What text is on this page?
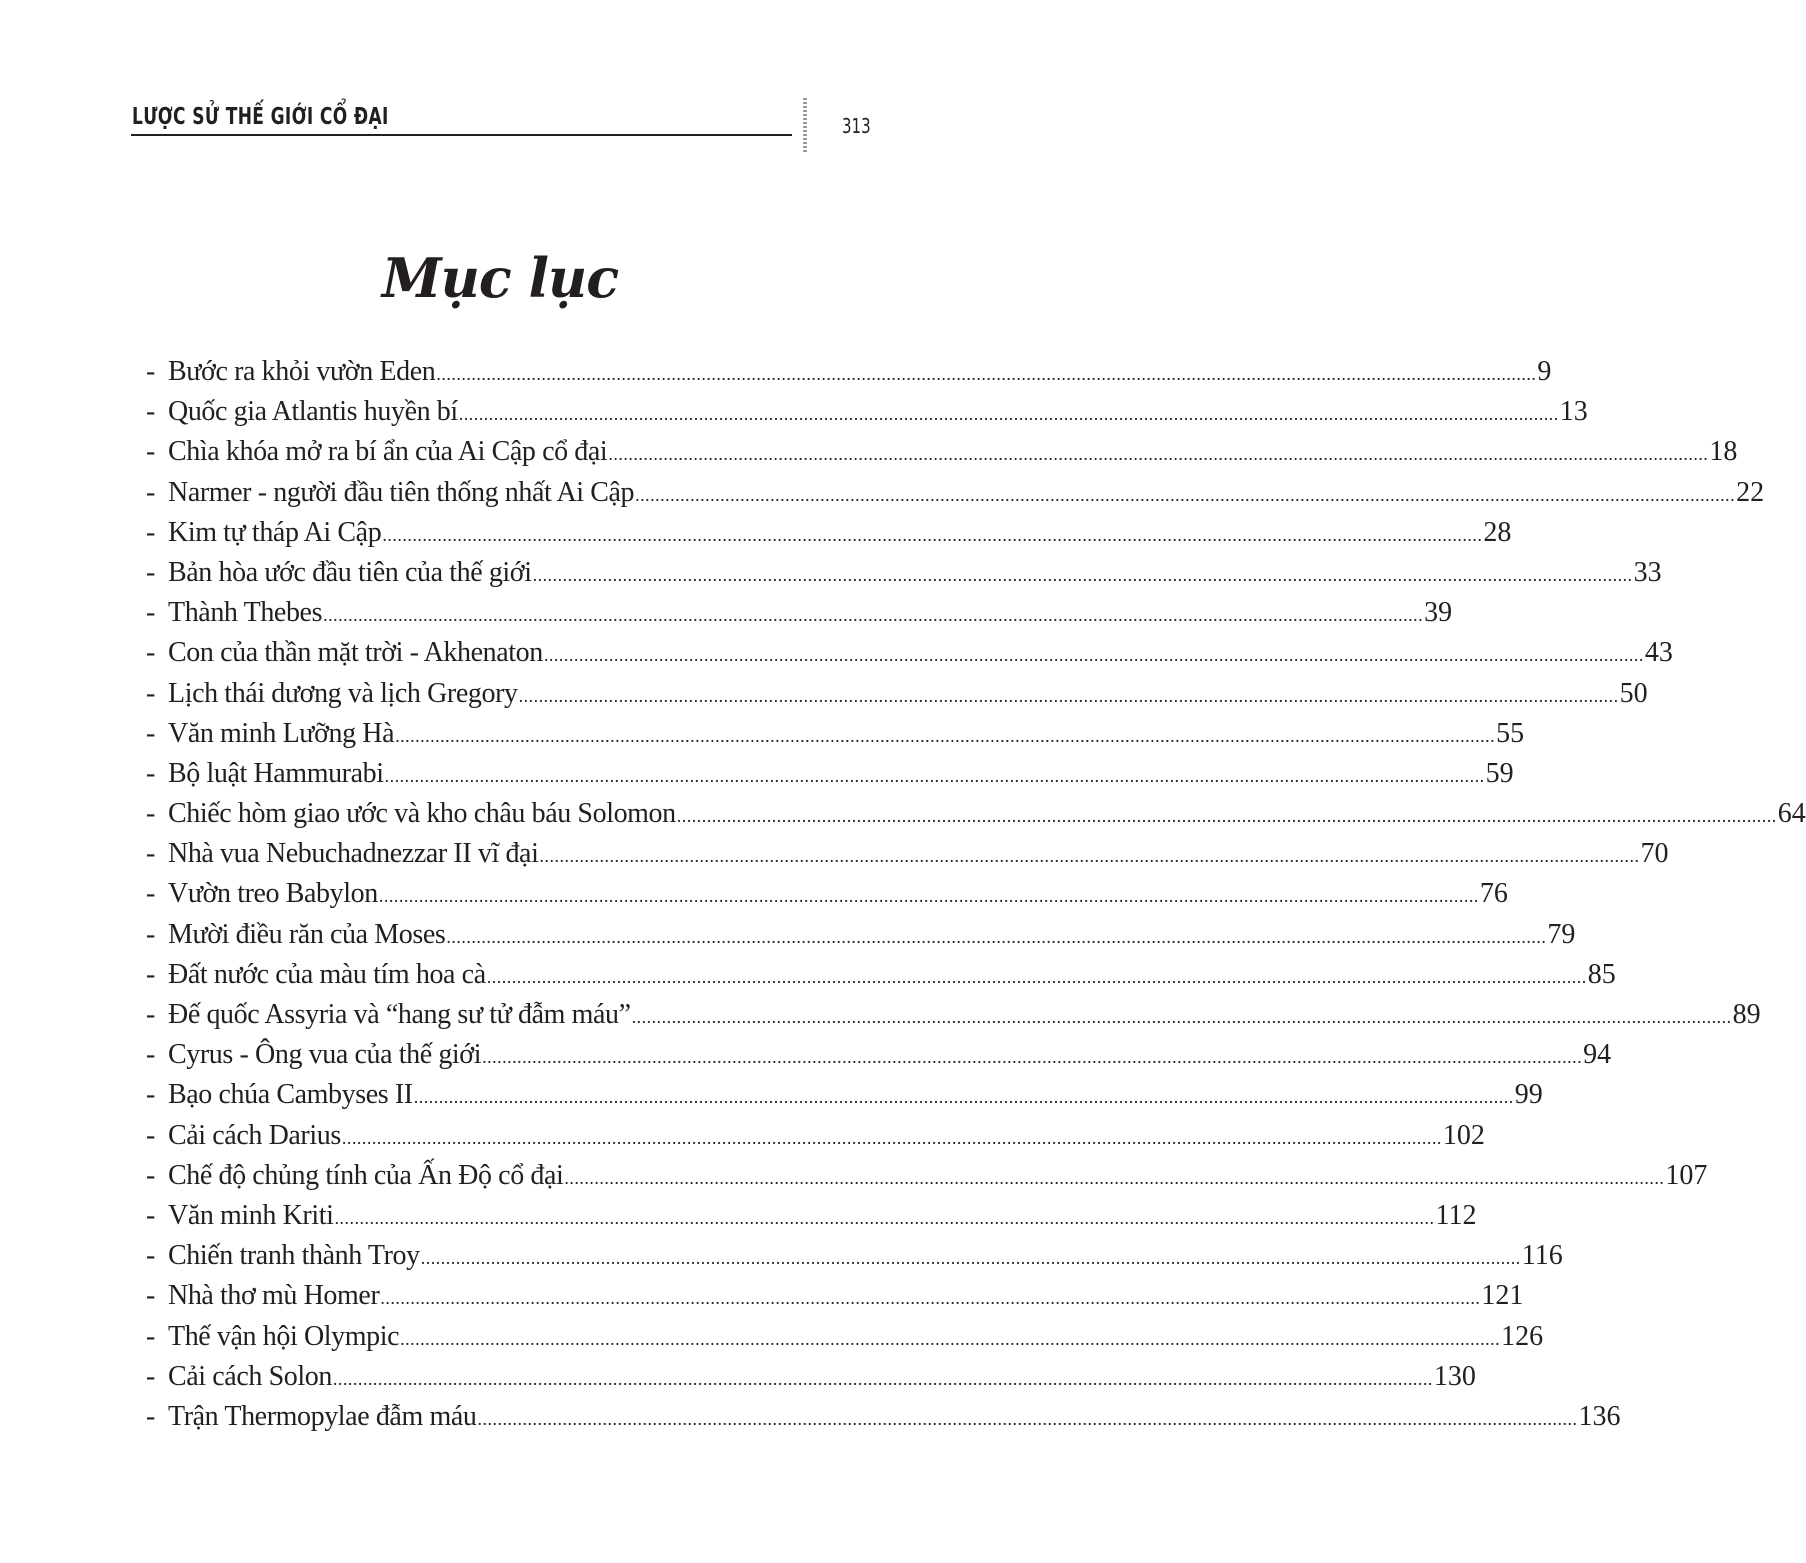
LƯỢC SỬ THẾ GIỚI CỔ ĐẠI	313
Mục lục
- Bước ra khỏi vườn Eden ............................................................................................................................................................................................................................ 9
- Quốc gia Atlantis huyền bí ............................................................................................................................................................................................................................ 13
- Chìa khóa mở ra bí ẩn của Ai Cập cổ đại ............................................................................................................................................................................................................................ 18
- Narmer - người đầu tiên thống nhất Ai Cập ............................................................................................................................................................................................................................ 22
- Kim tự tháp Ai Cập ............................................................................................................................................................................................................................ 28
- Bản hòa ước đầu tiên của thế giới ............................................................................................................................................................................................................................ 33
- Thành Thebes ............................................................................................................................................................................................................................ 39
- Con của thần mặt trời - Akhenaton ............................................................................................................................................................................................................................ 43
- Lịch thái dương và lịch Gregory ............................................................................................................................................................................................................................ 50
- Văn minh Lưỡng Hà ............................................................................................................................................................................................................................ 55
- Bộ luật Hammurabi ............................................................................................................................................................................................................................ 59
- Chiếc hòm giao ước và kho châu báu Solomon ............................................................................................................................................................................................................................ 64
- Nhà vua Nebuchadnezzar II vĩ đại ............................................................................................................................................................................................................................ 70
- Vườn treo Babylon ............................................................................................................................................................................................................................ 76
- Mười điều răn của Moses ............................................................................................................................................................................................................................ 79
- Đất nước của màu tím hoa cà ............................................................................................................................................................................................................................ 85
- Đế quốc Assyria và “hang sư tử đẫm máu” ............................................................................................................................................................................................................................ 89
- Cyrus - Ông vua của thế giới ............................................................................................................................................................................................................................ 94
- Bạo chúa Cambyses II ............................................................................................................................................................................................................................ 99
- Cải cách Darius ............................................................................................................................................................................................................................ 102
- Chế độ chủng tính của Ấn Độ cổ đại ............................................................................................................................................................................................................................ 107
- Văn minh Kriti ............................................................................................................................................................................................................................ 112
- Chiến tranh thành Troy ............................................................................................................................................................................................................................ 116
- Nhà thơ mù Homer ............................................................................................................................................................................................................................ 121
- Thế vận hội Olympic ............................................................................................................................................................................................................................ 126
- Cải cách Solon ............................................................................................................................................................................................................................ 130
- Trận Thermopylae đẫm máu ............................................................................................................................................................................................................................ 136
